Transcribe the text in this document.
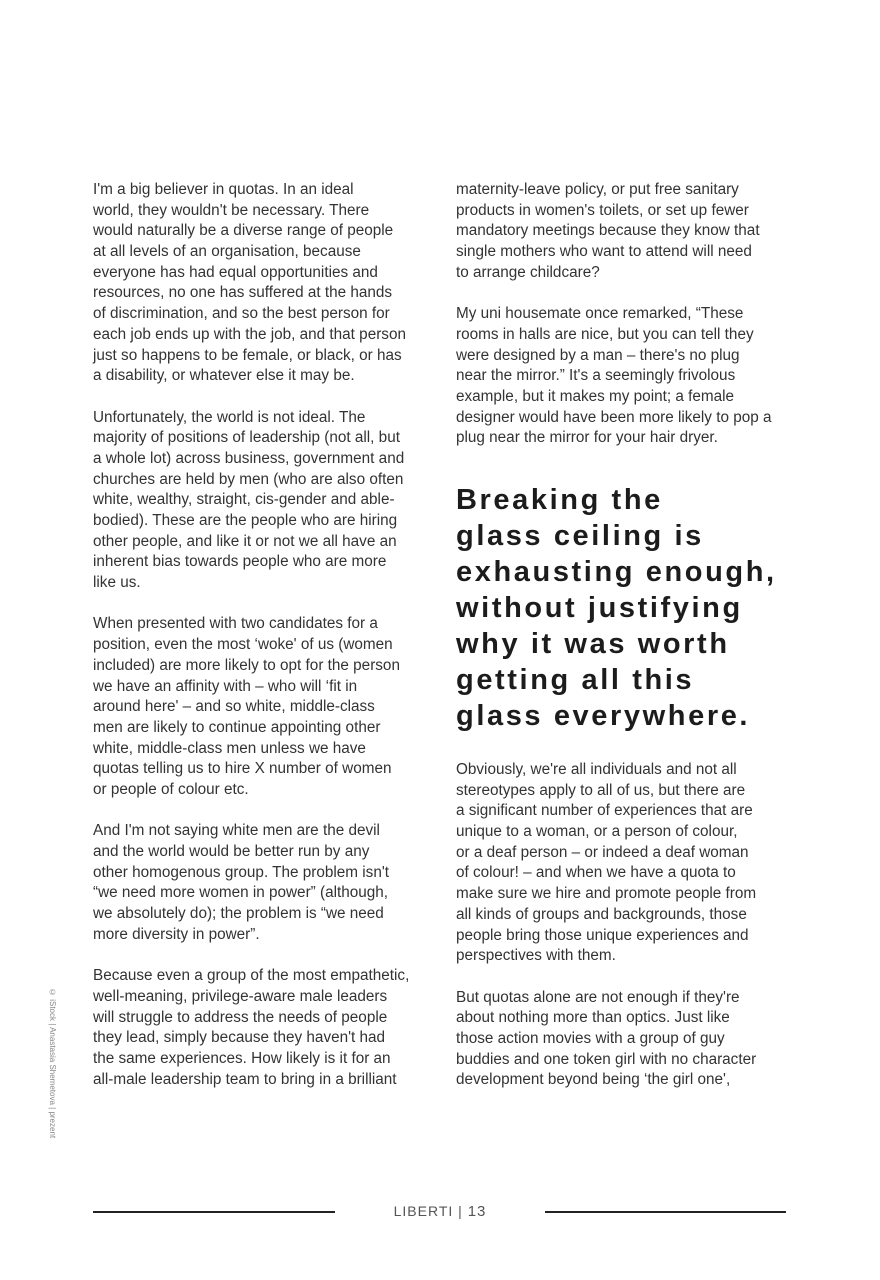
I'm a big believer in quotas. In an ideal
world, they wouldn't be necessary. There
would naturally be a diverse range of people
at all levels of an organisation, because
everyone has had equal opportunities and
resources, no one has suffered at the hands
of discrimination, and so the best person for
each job ends up with the job, and that person
just so happens to be female, or black, or has
a disability, or whatever else it may be.
Unfortunately, the world is not ideal. The
majority of positions of leadership (not all, but
a whole lot) across business, government and
churches are held by men (who are also often
white, wealthy, straight, cis-gender and able-
bodied). These are the people who are hiring
other people, and like it or not we all have an
inherent bias towards people who are more
like us.
When presented with two candidates for a
position, even the most ‘woke' of us (women
included) are more likely to opt for the person
we have an affinity with – who will ‘fit in
around here' – and so white, middle-class
men are likely to continue appointing other
white, middle-class men unless we have
quotas telling us to hire X number of women
or people of colour etc.
And I'm not saying white men are the devil
and the world would be better run by any
other homogenous group. The problem isn't
“we need more women in power” (although,
we absolutely do); the problem is “we need
more diversity in power”.
Because even a group of the most empathetic,
well-meaning, privilege-aware male leaders
will struggle to address the needs of people
they lead, simply because they haven't had
the same experiences. How likely is it for an
all-male leadership team to bring in a brilliant
maternity-leave policy, or put free sanitary
products in women's toilets, or set up fewer
mandatory meetings because they know that
single mothers who want to attend will need
to arrange childcare?
My uni housemate once remarked, “These
rooms in halls are nice, but you can tell they
were designed by a man – there's no plug
near the mirror.” It's a seemingly frivolous
example, but it makes my point; a female
designer would have been more likely to pop a
plug near the mirror for your hair dryer.
Breaking the
glass ceiling is
exhausting enough,
without justifying
why it was worth
getting all this
glass everywhere.
Obviously, we're all individuals and not all
stereotypes apply to all of us, but there are
a significant number of experiences that are
unique to a woman, or a person of colour,
or a deaf person – or indeed a deaf woman
of colour! – and when we have a quota to
make sure we hire and promote people from
all kinds of groups and backgrounds, those
people bring those unique experiences and
perspectives with them.
But quotas alone are not enough if they're
about nothing more than optics. Just like
those action movies with a group of guy
buddies and one token girl with no character
development beyond being ‘the girl one',
© iStock | Anastasia Shemetova | prezent
LIBERTI | 13
